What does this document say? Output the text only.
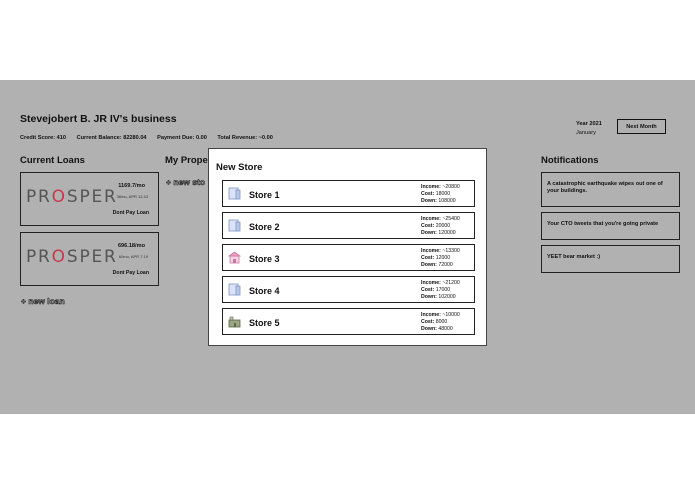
Stevejobert B. JR IV's business
Credit Score: 410 Current Balance: 82280.04 Payment Due: 0.00 Total Revenue: ~0.00
Year 2021
January
Next Month
Current Loans
PROSPER
1169.7/mo
36mo, APR 12.43
Dont Pay Loan
PROSPER
696.18/mo
60mo, APR 7.19
Dont Pay Loan
+ new loan
My Prope
+ new sto
Notifications
A catastrophic earthquake wipes out one of your buildings.
Your CTO tweets that you're going private
YEET bear market :)
New Store
Store 1
Income: ~20800
Cost: 18000
Down: 108000
Store 2
Income: ~25400
Cost: 20000
Down: 120000
Store 3
Income: ~13300
Cost: 12000
Down: 72000
Store 4
Income: ~21200
Cost: 17000
Down: 102000
Store 5
Income: ~10000
Cost: 8000
Down: 48000
